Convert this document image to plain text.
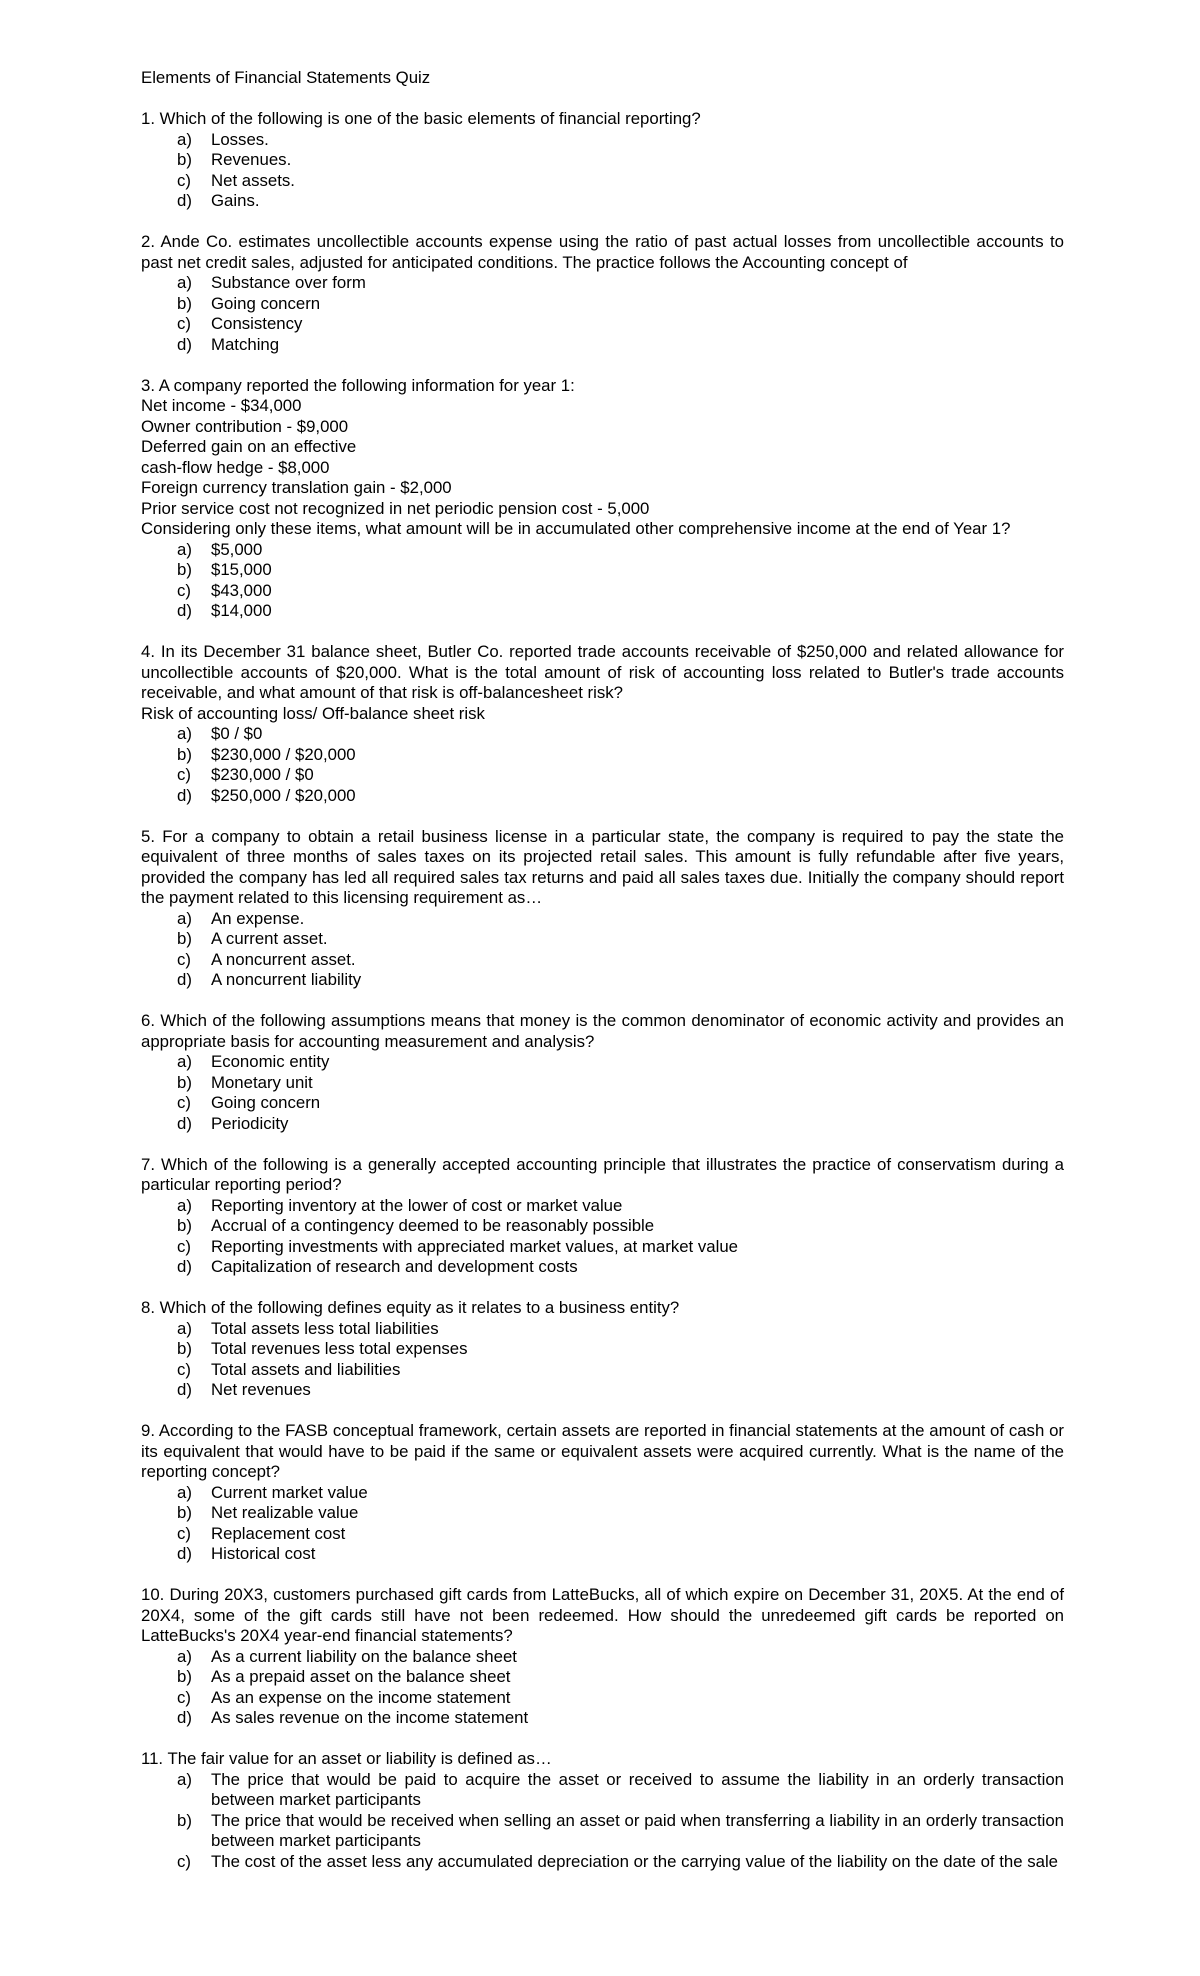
Elements of Financial Statements Quiz

1. Which of the following is one of the basic elements of financial reporting?

a)	Losses.
b)	Revenues.
c)	Net assets.
d)	Gains.

2. Ande Co. estimates uncollectible accounts expense using the ratio of past actual losses from uncollectible accounts to past net credit sales, adjusted for anticipated conditions. The practice follows the Accounting concept of

a)	Substance over form
b)	Going concern
c)	Consistency
d)	Matching

3. A company reported the following information for year 1:

Net income - $34,000

Owner contribution - $9,000

Deferred gain on an effective

cash-flow hedge - $8,000

Foreign currency translation gain - $2,000

Prior service cost not recognized in net periodic pension cost - 5,000

Considering only these items, what amount will be in accumulated other comprehensive income at the end of Year 1?

a)	$5,000
b)	$15,000
c)	$43,000
d)	$14,000

4. In its December 31 balance sheet, Butler Co. reported trade accounts receivable of $250,000 and related allowance for uncollectible accounts of $20,000. What is the total amount of risk of accounting loss related to Butler's trade accounts receivable, and what amount of that risk is off-balancesheet risk?

Risk of accounting loss/ Off-balance sheet risk

a)	$0 / $0
b)	$230,000 / $20,000
c)	$230,000 / $0
d)	$250,000 / $20,000

5. For a company to obtain a retail business license in a particular state, the company is required to pay the state the equivalent of three months of sales taxes on its projected retail sales. This amount is fully refundable after five years, provided the company has led all required sales tax returns and paid all sales taxes due. Initially the company should report the payment related to this licensing requirement as…

a)	An expense.
b)	A current asset.
c)	A noncurrent asset.
d)	A noncurrent liability

6. Which of the following assumptions means that money is the common denominator of economic activity and provides an appropriate basis for accounting measurement and analysis?

a)	Economic entity
b)	Monetary unit
c)	Going concern
d)	Periodicity

7. Which of the following is a generally accepted accounting principle that illustrates the practice of conservatism during a particular reporting period?

a)	Reporting inventory at the lower of cost or market value
b)	Accrual of a contingency deemed to be reasonably possible
c)	Reporting investments with appreciated market values, at market value
d)	Capitalization of research and development costs

8. Which of the following defines equity as it relates to a business entity?

a)	Total assets less total liabilities
b)	Total revenues less total expenses
c)	Total assets and liabilities
d)	Net revenues

9. According to the FASB conceptual framework, certain assets are reported in financial statements at the amount of cash or its equivalent that would have to be paid if the same or equivalent assets were acquired currently. What is the name of the reporting concept?

a)	Current market value
b)	Net realizable value
c)	Replacement cost
d)	Historical cost

10. During 20X3, customers purchased gift cards from LatteBucks, all of which expire on December 31, 20X5. At the end of 20X4, some of the gift cards still have not been redeemed. How should the unredeemed gift cards be reported on LatteBucks's 20X4 year-end financial statements?

a)	As a current liability on the balance sheet
b)	As a prepaid asset on the balance sheet
c)	As an expense on the income statement
d)	As sales revenue on the income statement

11. The fair value for an asset or liability is defined as…

a)	The price that would be paid to acquire the asset or received to assume the liability in an orderly transaction between market participants
b)	The price that would be received when selling an asset or paid when transferring a liability in an orderly transaction between market participants
c)	The cost of the asset less any accumulated depreciation or the carrying value of the liability on the date of the sale
